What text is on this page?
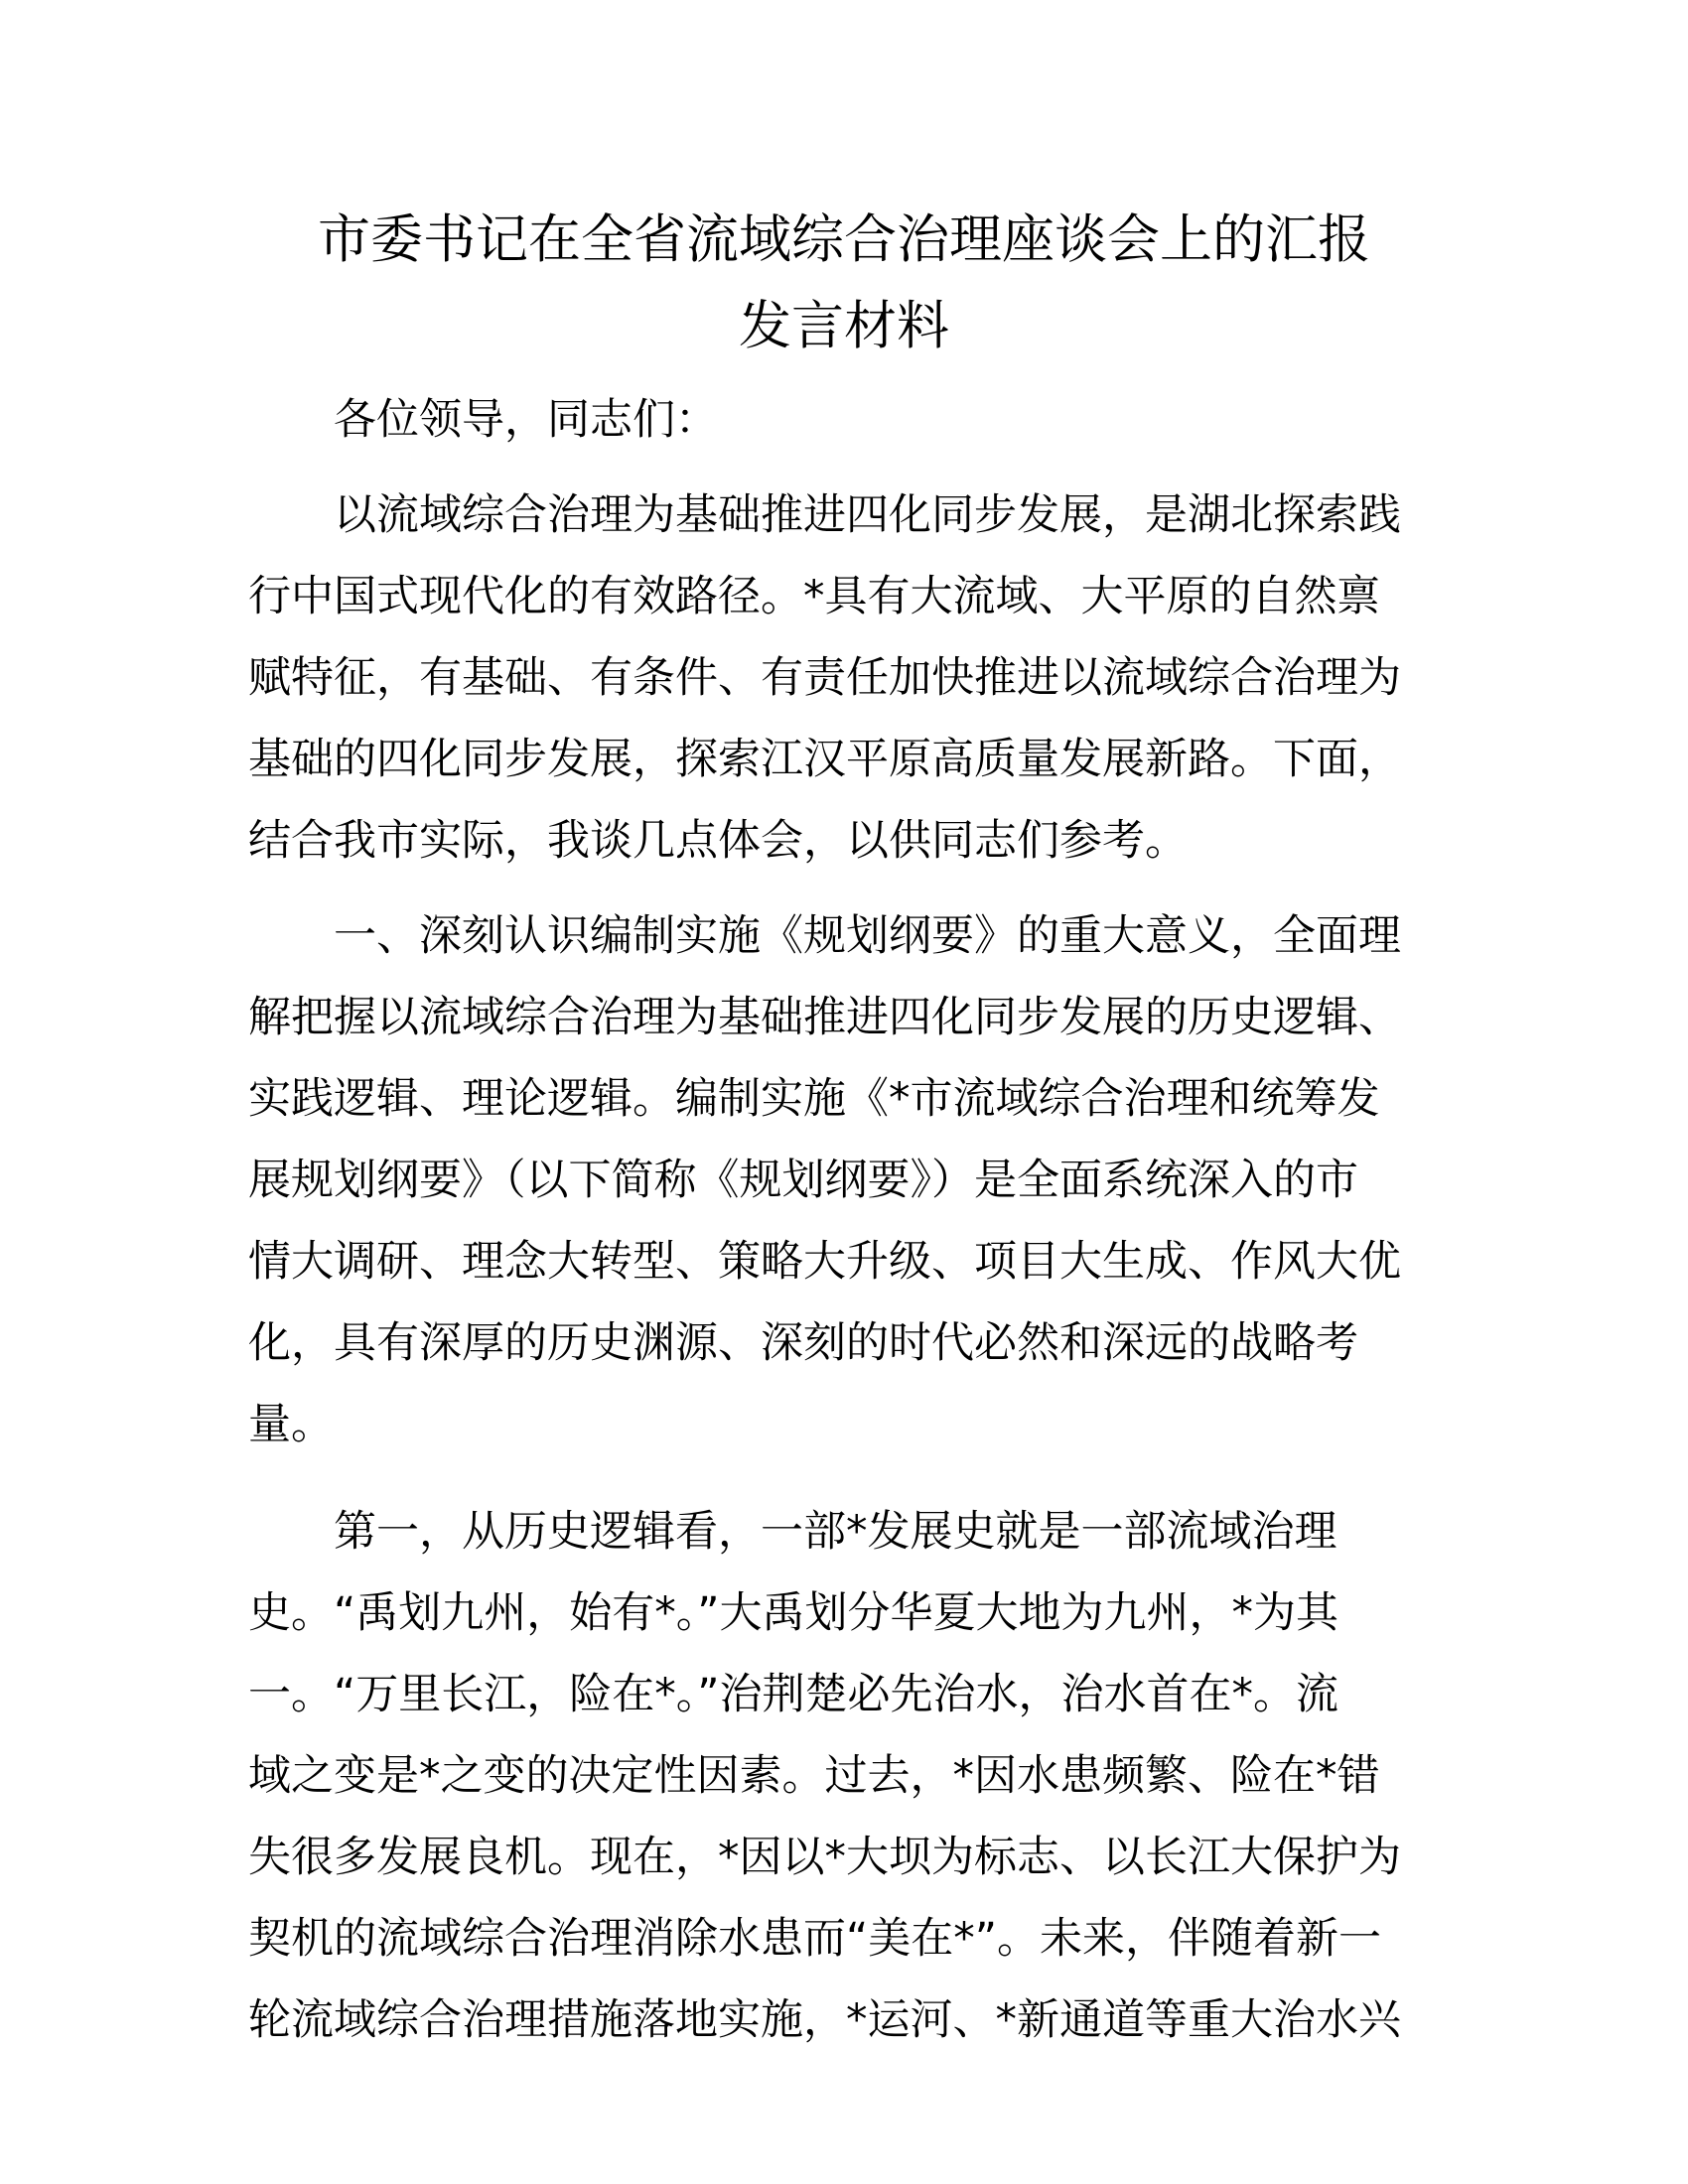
市委书记在全省流域综合治理座谈会上的汇报
发言材料
各位领导，同志们：
以流域综合治理为基础推进四化同步发展，是湖北探索践
行中国式现代化的有效路径。*具有大流域、大平原的自然禀
赋特征，有基础、有条件、有责任加快推进以流域综合治理为
基础的四化同步发展，探索江汉平原高质量发展新路。下面，
结合我市实际，我谈几点体会，以供同志们参考。
一、深刻认识编制实施《规划纲要》的重大意义，全面理
解把握以流域综合治理为基础推进四化同步发展的历史逻辑、
实践逻辑、理论逻辑。编制实施《*市流域综合治理和统筹发
展规划纲要》（以下简称《规划纲要》）是全面系统深入的市
情大调研、理念大转型、策略大升级、项目大生成、作风大优
化，具有深厚的历史渊源、深刻的时代必然和深远的战略考
量。
第一，从历史逻辑看，一部*发展史就是一部流域治理
史。“禹划九州，始有*。”大禹划分华夏大地为九州，*为其
一。“万里长江，险在*。”治荆楚必先治水，治水首在*。流
域之变是*之变的决定性因素。过去，*因水患频繁、险在*错
失很多发展良机。现在，*因以*大坝为标志、以长江大保护为
契机的流域综合治理消除水患而“美在*”。未来，伴随着新一
轮流域综合治理措施落地实施，*运河、*新通道等重大治水兴
